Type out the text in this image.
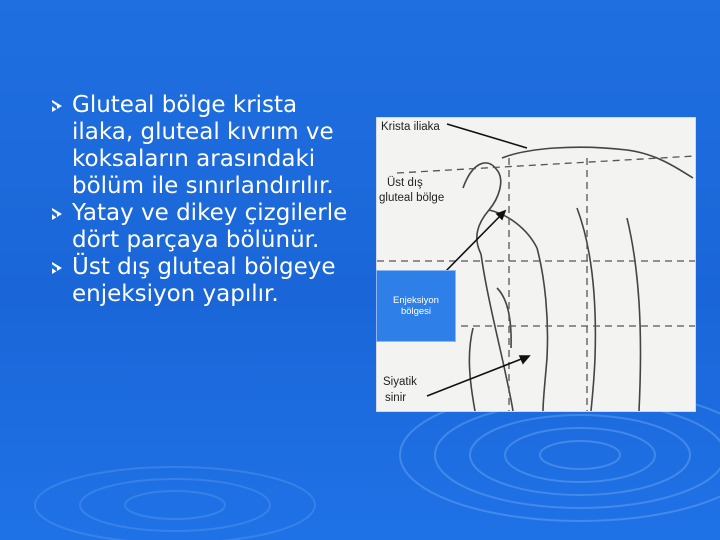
Gluteal bölge krista ilaka, gluteal kıvrım ve koksaların arasındaki bölüm ile sınırlandırılır.
Yatay ve dikey çizgilerle dört parçaya bölünür.
Üst dış gluteal bölgeye enjeksiyon yapılır.
Krista iliaka
Üst dış
gluteal bölge
Siyatik
sinir
Enjeksiyon
bölgesi
